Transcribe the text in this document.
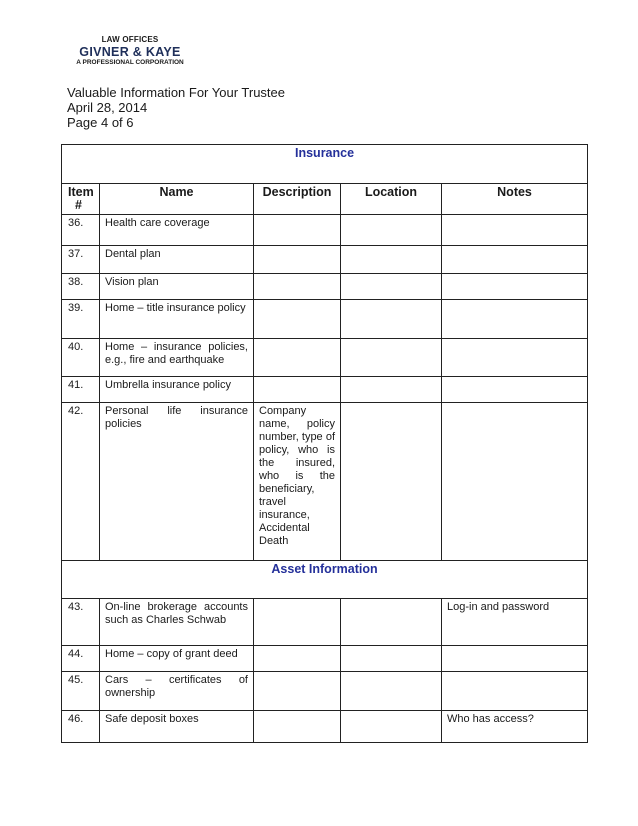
LAW OFFICES
GIVNER & KAYE
A PROFESSIONAL CORPORATION
Valuable Information For Your Trustee
April 28, 2014
Page 4 of 6
Insurance				

Item
#	Name	Description	Location	Notes
36.	Health care coverage			
37.	Dental plan			
38.	Vision plan			
39.	Home – title insurance policy			
40.	Home – insurance policies, e.g., fire and earthquake			
41.	Umbrella insurance policy			
42.	Personal life insurance policies	Company name, policy number, type of policy, who is the insured, who is the beneficiary, travel insurance, Accidental Death		
Asset Information				
43.	On-line brokerage accounts such as Charles Schwab			Log-in and password
44.	Home – copy of grant deed			
45.	Cars – certificates of ownership			
46.	Safe deposit boxes			Who has access?
